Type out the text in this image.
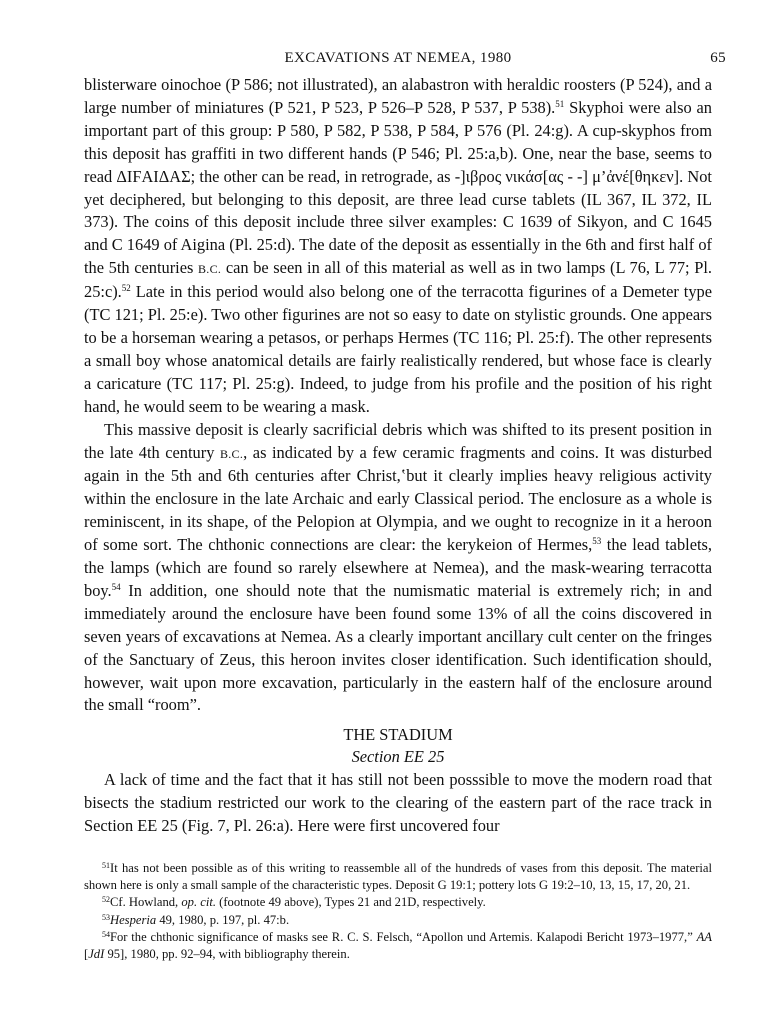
EXCAVATIONS AT NEMEA, 1980	65

blisterware oinochoe (P 586; not illustrated), an alabastron with heraldic roosters (P 524), and a large number of miniatures (P 521, P 523, P 526–P 528, P 537, P 538).$^{51}$ Skyphoi were also an important part of this group: P 580, P 582, P 538, P 584, P 576 (Pl. 24:g). A cup-skyphos from this deposit has graffiti in two different hands (P 546; Pl. 25:a,b). One, near the base, seems to read ΔΙϜΑΙΔΑΣ; the other can be read, in retrograde, as -]ιβρος νικάσ[ας - -] μ’ἀνέ[θηκεν]. Not yet deciphered, but belonging to this deposit, are three lead curse tablets (IL 367, IL 372, IL 373). The coins of this deposit include three silver examples: C 1639 of Sikyon, and C 1645 and C 1649 of Aigina (Pl. 25:d). The date of the deposit as essentially in the 6th and first half of the 5th centuries B.C. can be seen in all of this material as well as in two lamps (L 76, L 77; Pl. 25:c).$^{52}$ Late in this period would also belong one of the terracotta figurines of a Demeter type (TC 121; Pl. 25:e). Two other figurines are not so easy to date on stylistic grounds. One appears to be a horseman wearing a petasos, or perhaps Hermes (TC 116; Pl. 25:f). The other represents a small boy whose anatomical details are fairly realistically rendered, but whose face is clearly a caricature (TC 117; Pl. 25:g). Indeed, to judge from his profile and the position of his right hand, he would seem to be wearing a mask.

This massive deposit is clearly sacrificial debris which was shifted to its present position in the late 4th century B.C., as indicated by a few ceramic fragments and coins. It was disturbed again in the 5th and 6th centuries after Christ,ʽbut it clearly implies heavy religious activity within the enclosure in the late Archaic and early Classical period. The enclosure as a whole is reminiscent, in its shape, of the Pelopion at Olympia, and we ought to recognize in it a heroon of some sort. The chthonic connections are clear: the kerykeion of Hermes,$^{53}$ the lead tablets, the lamps (which are found so rarely elsewhere at Nemea), and the mask-wearing terracotta boy.$^{54}$ In addition, one should note that the numismatic material is extremely rich; in and immediately around the enclosure have been found some 13% of all the coins discovered in seven years of excavations at Nemea. As a clearly important ancillary cult center on the fringes of the Sanctuary of Zeus, this heroon invites closer identification. Such identification should, however, wait upon more excavation, particularly in the eastern half of the enclosure around the small “room”.

THE STADIUM
Section EE 25

A lack of time and the fact that it has still not been posssible to move the modern road that bisects the stadium restricted our work to the clearing of the eastern part of the race track in Section EE 25 (Fig. 7, Pl. 26:a). Here were first uncovered four

$^{51}$It has not been possible as of this writing to reassemble all of the hundreds of vases from this deposit. The material shown here is only a small sample of the characteristic types. Deposit G 19:1; pottery lots G 19:2–10, 13, 15, 17, 20, 21.

$^{52}$Cf. Howland, op. cit. (footnote 49 above), Types 21 and 21D, respectively.

$^{53}$Hesperia 49, 1980, p. 197, pl. 47:b.

$^{54}$For the chthonic significance of masks see R. C. S. Felsch, “Apollon und Artemis. Kalapodi Bericht 1973–1977,” AA [JdI 95], 1980, pp. 92–94, with bibliography therein.
